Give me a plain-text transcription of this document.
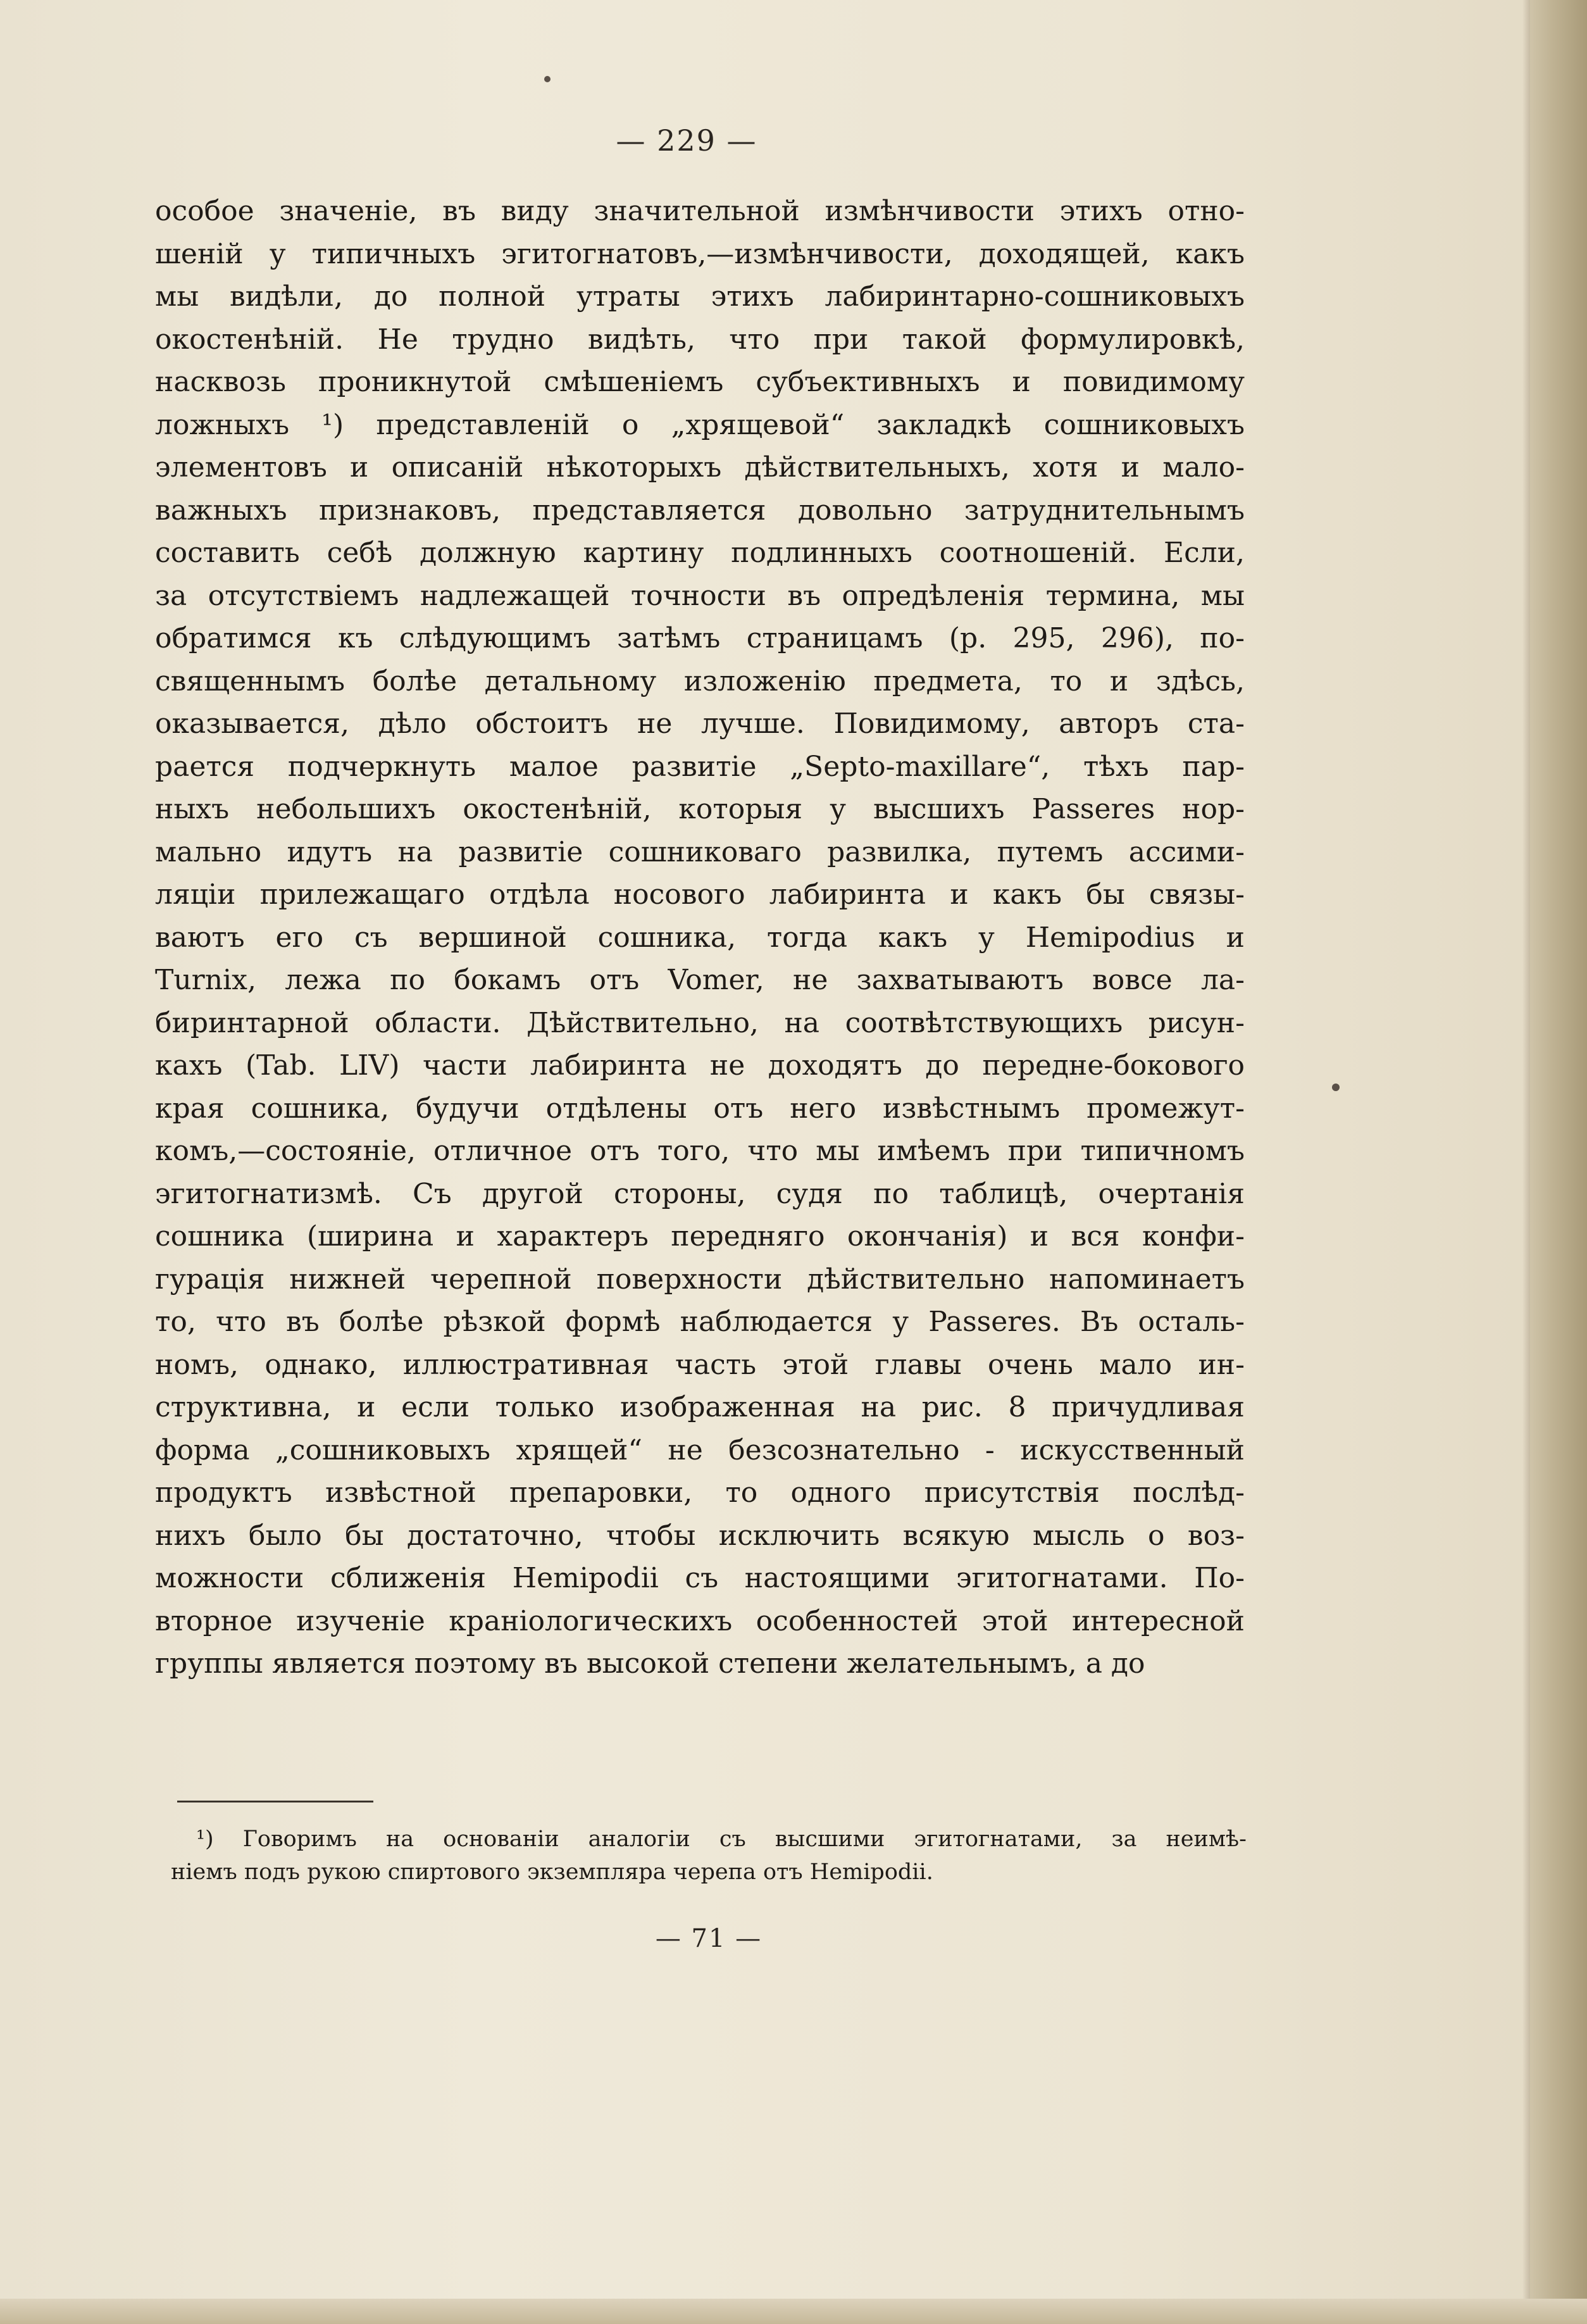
— 229 —
особое значеніе, въ виду значительной измѣнчивости этихъ отно-
шеній у типичныхъ эгитогнатовъ,—измѣнчивости, доходящей, какъ
мы видѣли, до полной утраты этихъ лабиринтарно-сошниковыхъ
окостенѣній. Не трудно видѣть, что при такой формулировкѣ,
насквозь проникнутой смѣшеніемъ субъективныхъ и повидимому
ложныхъ ¹) представленій о „хрящевой“ закладкѣ сошниковыхъ
элементовъ и описаній нѣкоторыхъ дѣйствительныхъ, хотя и мало-
важныхъ признаковъ, представляется довольно затруднительнымъ
составить себѣ должную картину подлинныхъ соотношеній. Если,
за отсутствіемъ надлежащей точности въ опредѣленія термина, мы
обратимся къ слѣдующимъ затѣмъ страницамъ (p. 295, 296), по-
священнымъ болѣе детальному изложенію предмета, то и здѣсь,
оказывается, дѣло обстоитъ не лучше. Повидимому, авторъ ста-
рается подчеркнуть малое развитіе „Septo-maxillare“, тѣхъ пар-
ныхъ небольшихъ окостенѣній, которыя у высшихъ Passeres нор-
мально идутъ на развитіе сошниковаго развилка, путемъ ассими-
ляціи прилежащаго отдѣла носового лабиринта и какъ бы связы-
ваютъ его съ вершиной сошника, тогда какъ у Hemipodius и
Turnix, лежа по бокамъ отъ Vomer, не захватываютъ вовсе ла-
биринтарной области. Дѣйствительно, на соотвѣтствующихъ рисун-
кахъ (Tab. LIV) части лабиринта не доходятъ до передне-бокового
края сошника, будучи отдѣлены отъ него извѣстнымъ промежут-
комъ,—состояніе, отличное отъ того, что мы имѣемъ при типичномъ
эгитогнатизмѣ. Съ другой стороны, судя по таблицѣ, очертанія
сошника (ширина и характеръ передняго окончанія) и вся конфи-
гурація нижней черепной поверхности дѣйствительно напоминаетъ
то, что въ болѣе рѣзкой формѣ наблюдается у Passeres. Въ осталь-
номъ, однако, иллюстративная часть этой главы очень мало ин-
структивна, и если только изображенная на рис. 8 причудливая
форма „сошниковыхъ хрящей“ не безсознательно - искусственный
продуктъ извѣстной препаровки, то одного присутствія послѣд-
нихъ было бы достаточно, чтобы исключить всякую мысль о воз-
можности сближенія Hemipodii съ настоящими эгитогнатами. По-
вторное изученіе краніологическихъ особенностей этой интересной
группы является поэтому въ высокой степени желательнымъ, а до
¹) Говоримъ на основаніи аналогіи съ высшими эгитогнатами, за неимѣ-
ніемъ подъ рукою спиртового экземпляра черепа отъ Hemipodii.
— 71 —
